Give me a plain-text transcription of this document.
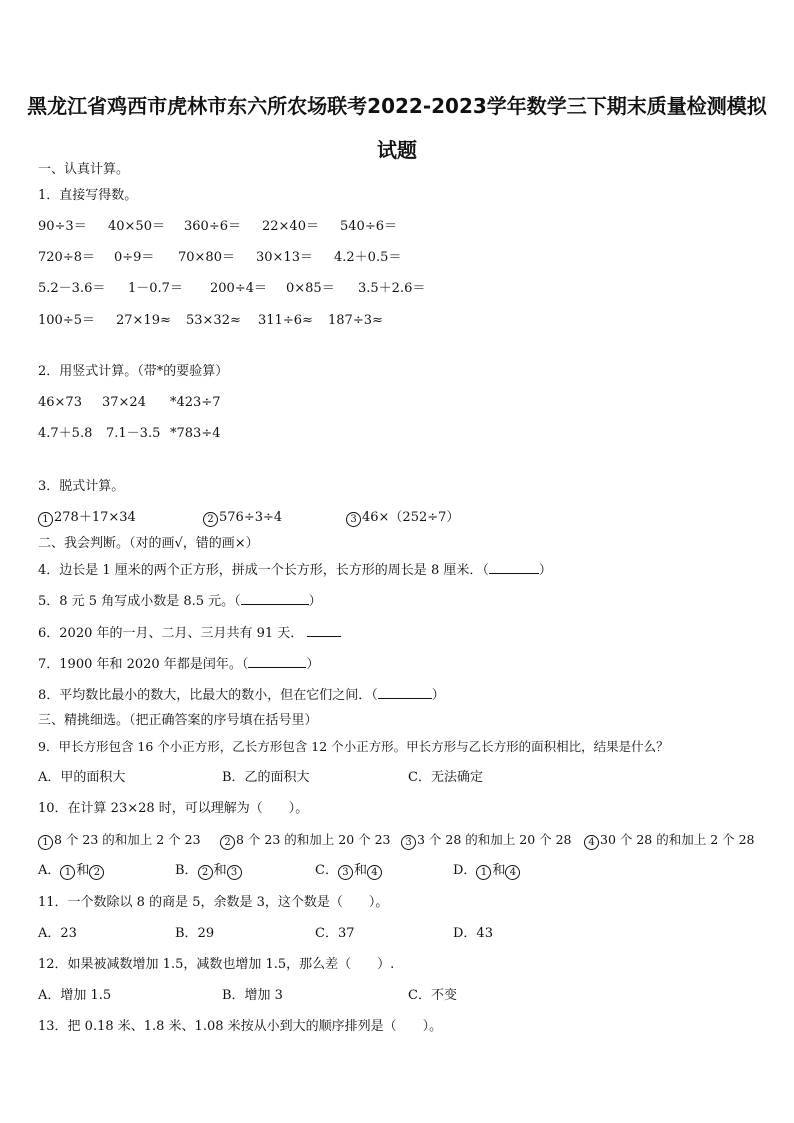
黑龙江省鸡西市虎林市东六所农场联考2022-2023学年数学三下期末质量检测模拟试题
一、认真计算。
1．直接写得数。
90÷3＝ 40×50＝ 360÷6＝ 22×40＝ 540÷6＝
720÷8＝ 0÷9＝ 70×80＝ 30×13＝ 4.2＋0.5＝
5.2－3.6＝ 1－0.7＝ 200÷4＝ 0×85＝ 3.5＋2.6＝
100÷5＝ 27×19≈ 53×32≈ 311÷6≈ 187÷3≈
2．用竖式计算。（带*的要验算）
46×73 37×24 *423÷7
4.7＋5.8 7.1－3.5 *783÷4
3．脱式计算。
1 278＋17×34	2 576÷3÷4	3 46×（252÷7）
二、我会判断。（对的画√，错的画×）
4．边长是 1 厘米的两个正方形，拼成一个长方形，长方形的周长是 8 厘米．（	）
5．8 元 5 角写成小数是 8.5 元。（	）
6．2020 年的一月、二月、三月共有 91 天．
7．1900 年和 2020 年都是闰年。（	）
8．平均数比最小的数大，比最大的数小，但在它们之间．（	）
三、精挑细选。（把正确答案的序号填在括号里）
9．甲长方形包含 16 个小正方形，乙长方形包含 12 个小正方形。甲长方形与乙长方形的面积相比，结果是什么？
A．甲的面积大	B．乙的面积大	C．无法确定
10．在计算 23×28 时，可以理解为（　　）。
1 8 个 23 的和加上 2 个 23 2 8 个 23 的和加上 20 个 23 3 3 个 28 的和加上 20 个 28 4 30 个 28 的和加上 2 个 28
A． 1 和 2	B． 2 和 3	C． 3 和 4	D． 1 和 4
11．一个数除以 8 的商是 5，余数是 3，这个数是（　　）。
A．23	B．29	C．37	D．43
12．如果被减数增加 1.5，减数也增加 1.5，那么差（　　）.
A．增加 1.5	B．增加 3	C．不变
13．把 0.18 米、1.8 米、1.08 米按从小到大的顺序排列是（　　）。
